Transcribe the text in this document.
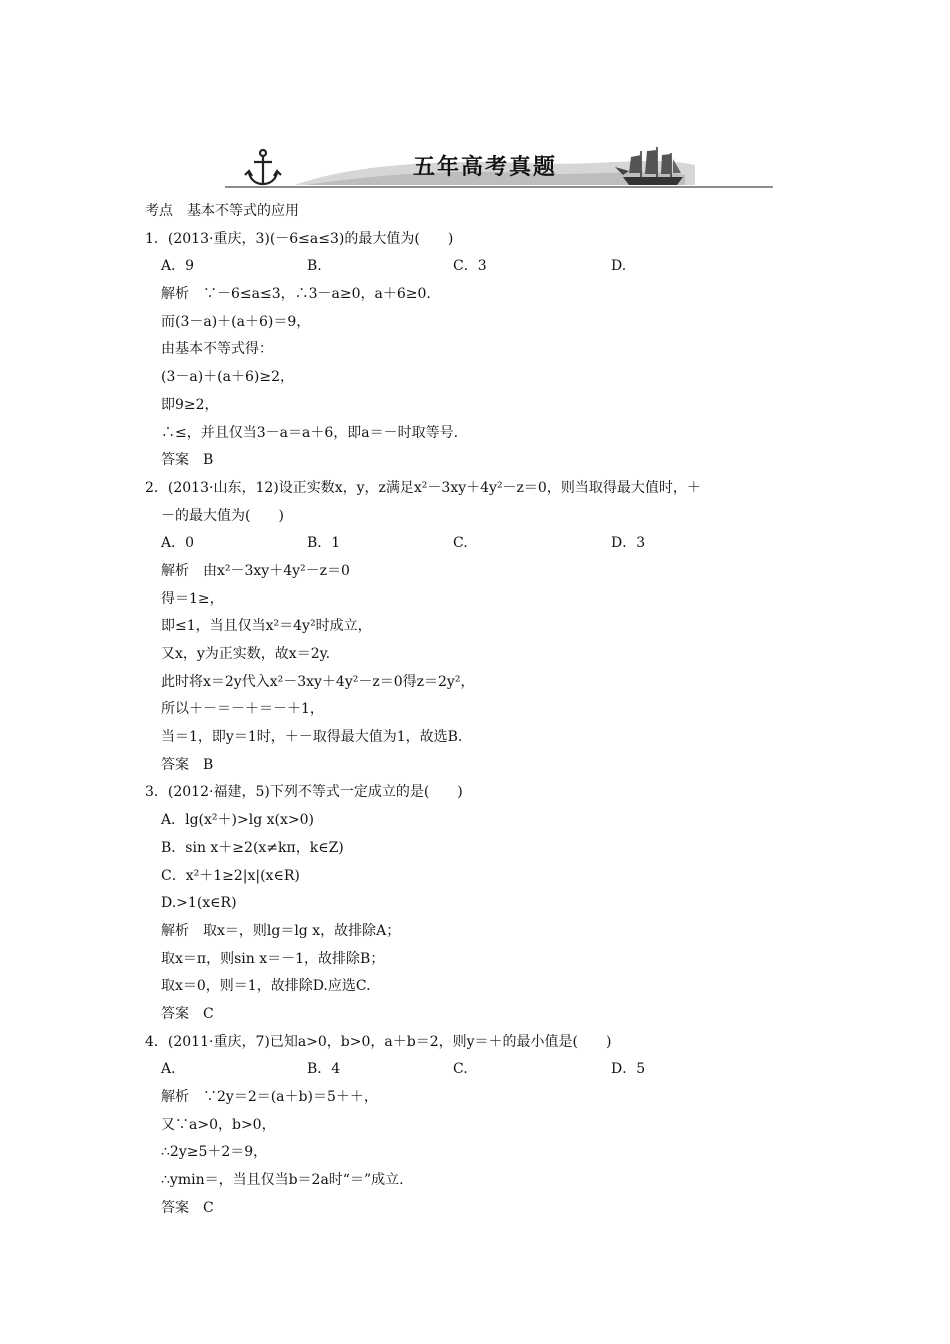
五年高考真题
考点　基本不等式的应用
1．(2013·重庆，3)(－6≤a≤3)的最大值为(　　)
A．9	B.	C．3	D.
解析　∵－6≤a≤3，∴3－a≥0，a＋6≥0.
而(3－a)＋(a＋6)＝9，
由基本不等式得：
(3－a)＋(a＋6)≥2，
即9≥2，
∴≤，并且仅当3－a＝a＋6，即a＝－时取等号.
答案　B
2．(2013·山东，12)设正实数x，y，z满足x²－3xy＋4y²－z＝0，则当取得最大值时，＋
－的最大值为(　　)
A．0	B．1	C.	D．3
解析　由x²－3xy＋4y²－z＝0
得＝1≥，
即≤1，当且仅当x²＝4y²时成立，
又x，y为正实数，故x＝2y.
此时将x＝2y代入x²－3xy＋4y²－z＝0得z＝2y²，
所以＋－＝－＋＝－＋1，
当＝1，即y＝1时，＋－取得最大值为1，故选B.
答案　B
3．(2012·福建，5)下列不等式一定成立的是(　　)
A．lg(x²＋)>lg x(x>0)
B．sin x＋≥2(x≠kπ，k∈Z)
C．x²＋1≥2|x|(x∈R)
D.>1(x∈R)
解析　取x＝，则lg＝lg x，故排除A；
取x＝π，则sin x＝－1，故排除B；
取x＝0，则＝1，故排除D.应选C.
答案　C
4．(2011·重庆，7)已知a>0，b>0，a＋b＝2，则y＝＋的最小值是(　　)
A.	B．4	C.	D．5
解析　∵2y＝2＝(a＋b)＝5＋＋，
又∵a>0，b>0，
∴2y≥5＋2＝9，
∴ymin＝，当且仅当b＝2a时“＝”成立.
答案　C
